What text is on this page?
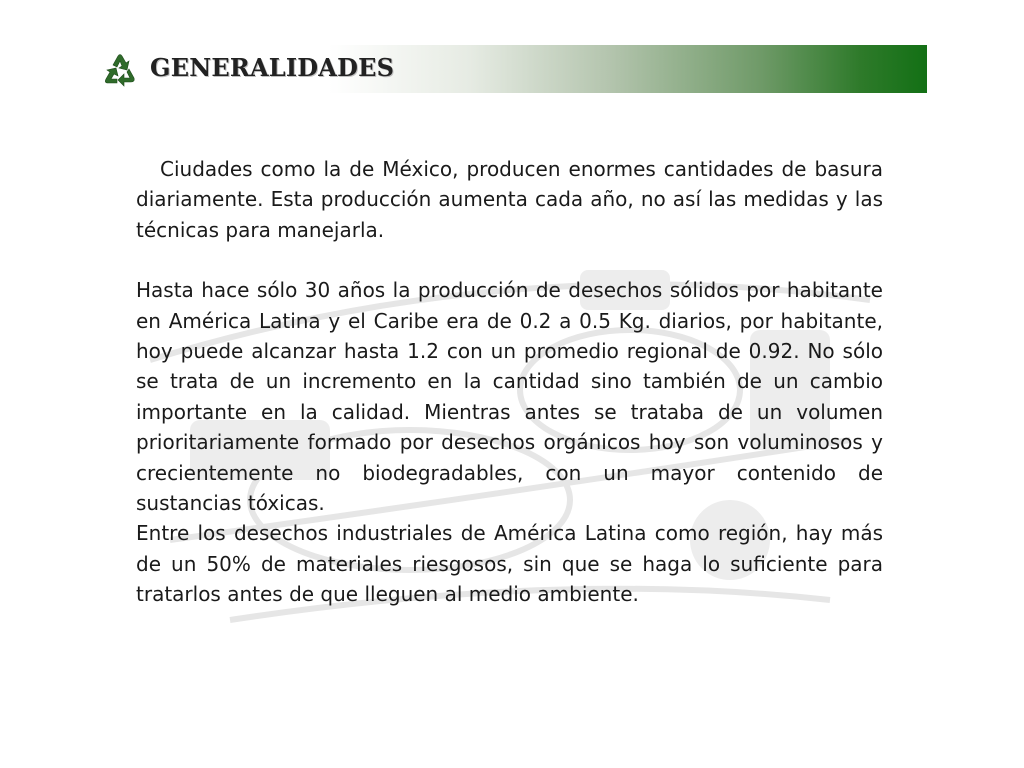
GENERALIDADES

Ciudades como la de México, producen enormes cantidades de basura diariamente. Esta producción aumenta cada año, no así las medidas y las técnicas para manejarla.

Hasta hace sólo 30 años la producción de desechos sólidos por habitante en América Latina y el Caribe era de 0.2 a 0.5 Kg. diarios, por habitante, hoy puede alcanzar hasta 1.2 con un promedio regional de 0.92. No sólo se trata de un incremento en la cantidad sino también de un cambio importante en la calidad. Mientras antes se trataba de un volumen prioritariamente formado por desechos orgánicos hoy son voluminosos y crecientemente no biodegradables, con un mayor contenido de sustancias tóxicas.

Entre los desechos industriales de América Latina como región, hay más de un 50% de materiales riesgosos, sin que se haga lo suficiente para tratarlos antes de que lleguen al medio ambiente.
